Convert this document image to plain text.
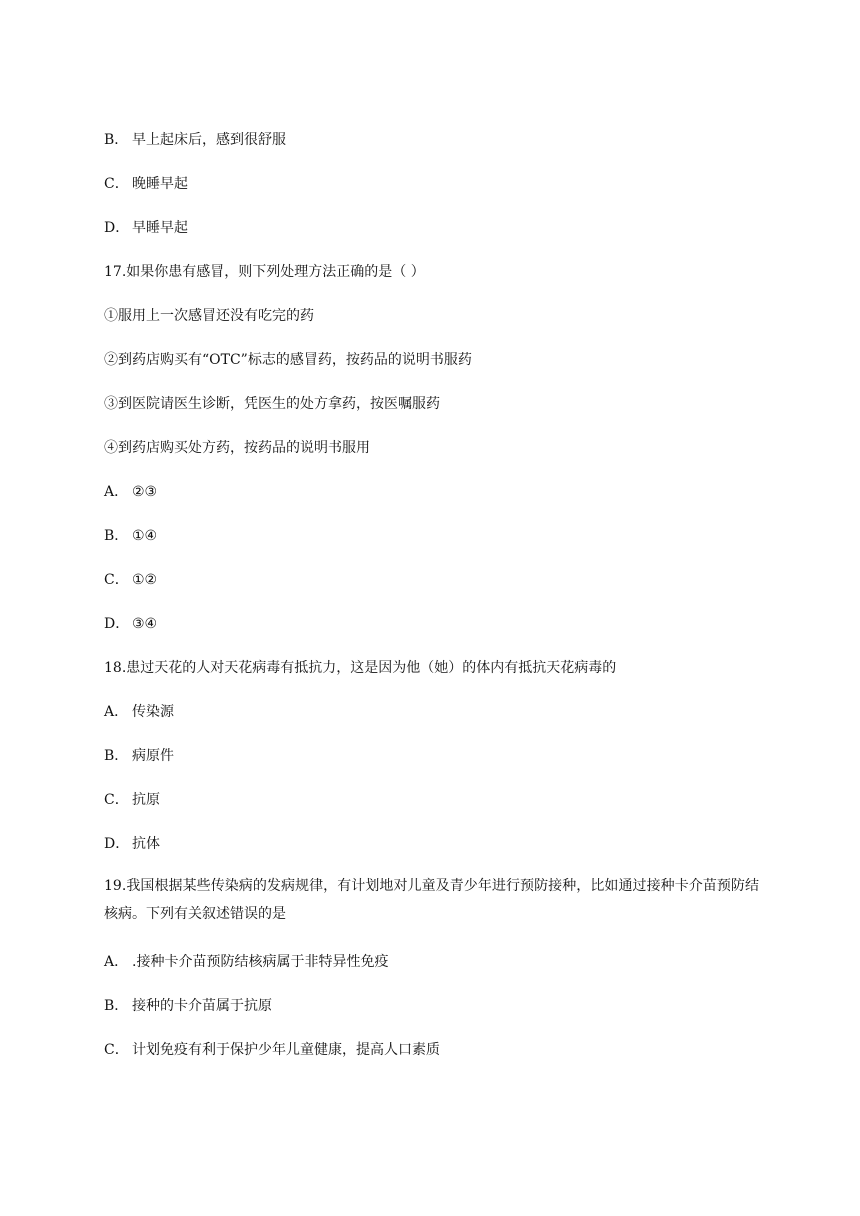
B． 早上起床后，感到很舒服
C． 晚睡早起
D． 早睡早起
17.如果你患有感冒，则下列处理方法正确的是（ ）
①服用上一次感冒还没有吃完的药
②到药店购买有“OTC”标志的感冒药，按药品的说明书服药
③到医院请医生诊断，凭医生的处方拿药，按医嘱服药
④到药店购买处方药，按药品的说明书服用
A． ②③
B． ①④
C． ①②
D． ③④
18.患过天花的人对天花病毒有抵抗力，这是因为他（她）的体内有抵抗天花病毒的
A． 传染源
B． 病原件
C． 抗原
D． 抗体
19.我国根据某些传染病的发病规律，有计划地对儿童及青少年进行预防接种，比如通过接种卡介苗预防结核病。下列有关叙述错误的是
A． .接种卡介苗预防结核病属于非特异性免疫
B． 接种的卡介苗属于抗原
C． 计划免疫有利于保护少年儿童健康，提高人口素质
